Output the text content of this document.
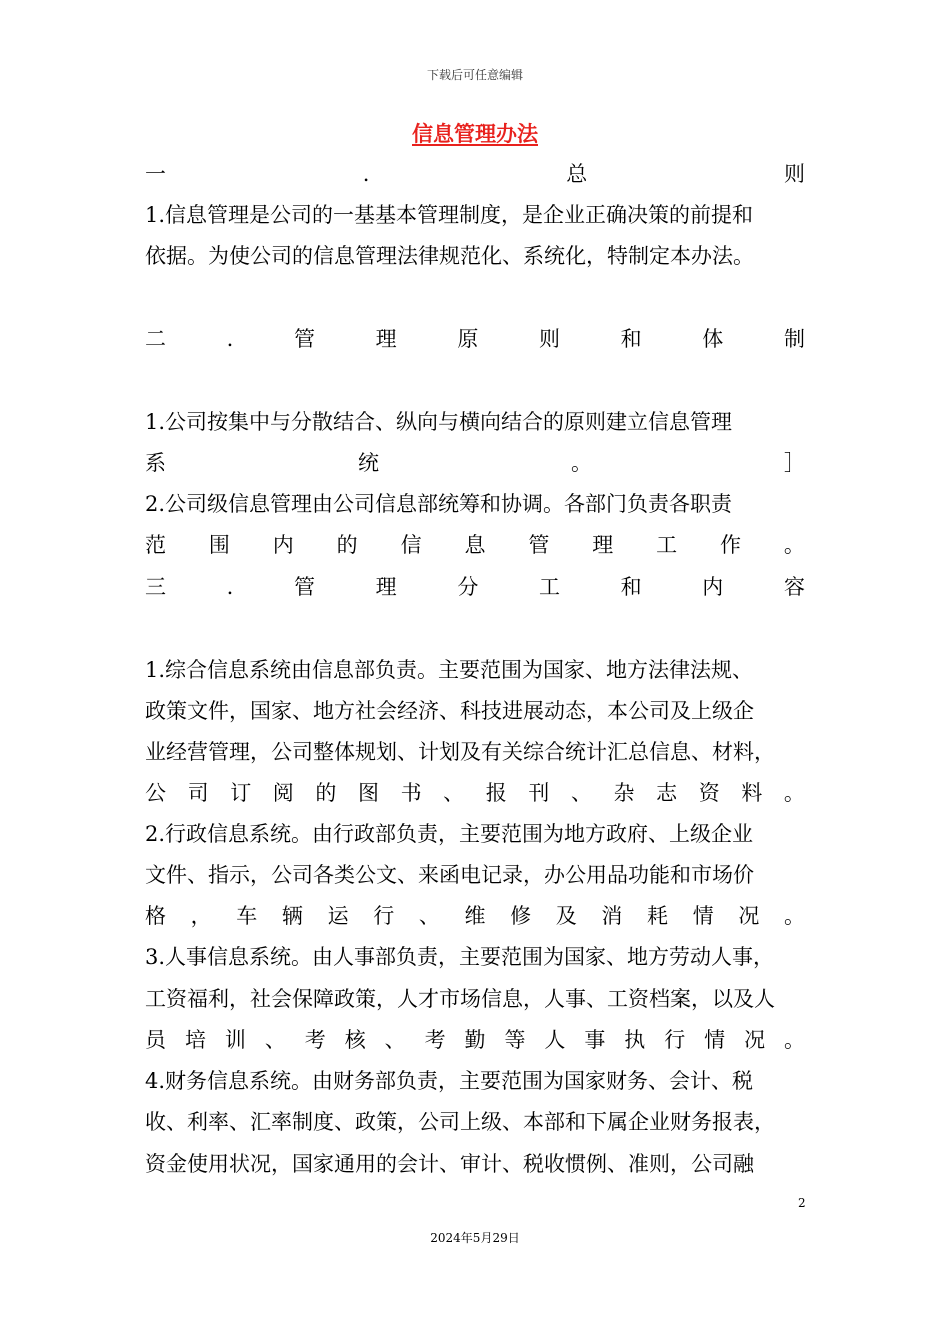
下载后可任意编辑
信息管理办法
一	.	总	则
1.信息管理是公司的一基基本管理制度，是企业正确决策的前提和
依据。为使公司的信息管理法律规范化、系统化，特制定本办法。
二	.	管	理	原	则	和	体	制
1.公司按集中与分散结合、纵向与横向结合的原则建立信息管理
系	统	。	］
2.公司级信息管理由公司信息部统筹和协调。各部门负责各职责
范 围 内 的 信 息 管 理 工 作 。
三	.	管	理	分	工	和	内	容
1.综合信息系统由信息部负责。主要范围为国家、地方法律法规、
政策文件，国家、地方社会经济、科技进展动态，本公司及上级企
业经营管理，公司整体规划、计划及有关综合统计汇总信息、材料，
公 司 订 阅 的 图 书 、 报 刊 、 杂 志 资 料 。
2.行政信息系统。由行政部负责，主要范围为地方政府、上级企业
文件、指示，公司各类公文、来函电记录，办公用品功能和市场价
格 ， 车 辆 运 行 、 维 修 及 消 耗 情 况 。
3.人事信息系统。由人事部负责，主要范围为国家、地方劳动人事，
工资福利，社会保障政策，人才市场信息，人事、工资档案，以及人
员 培 训 、 考 核 、 考 勤 等 人 事 执 行 情 况 。
4.财务信息系统。由财务部负责，主要范围为国家财务、会计、税
收、利率、汇率制度、政策，公司上级、本部和下属企业财务报表，
资金使用状况，国家通用的会计、审计、税收惯例、准则，公司融
2
2024年5月29日
